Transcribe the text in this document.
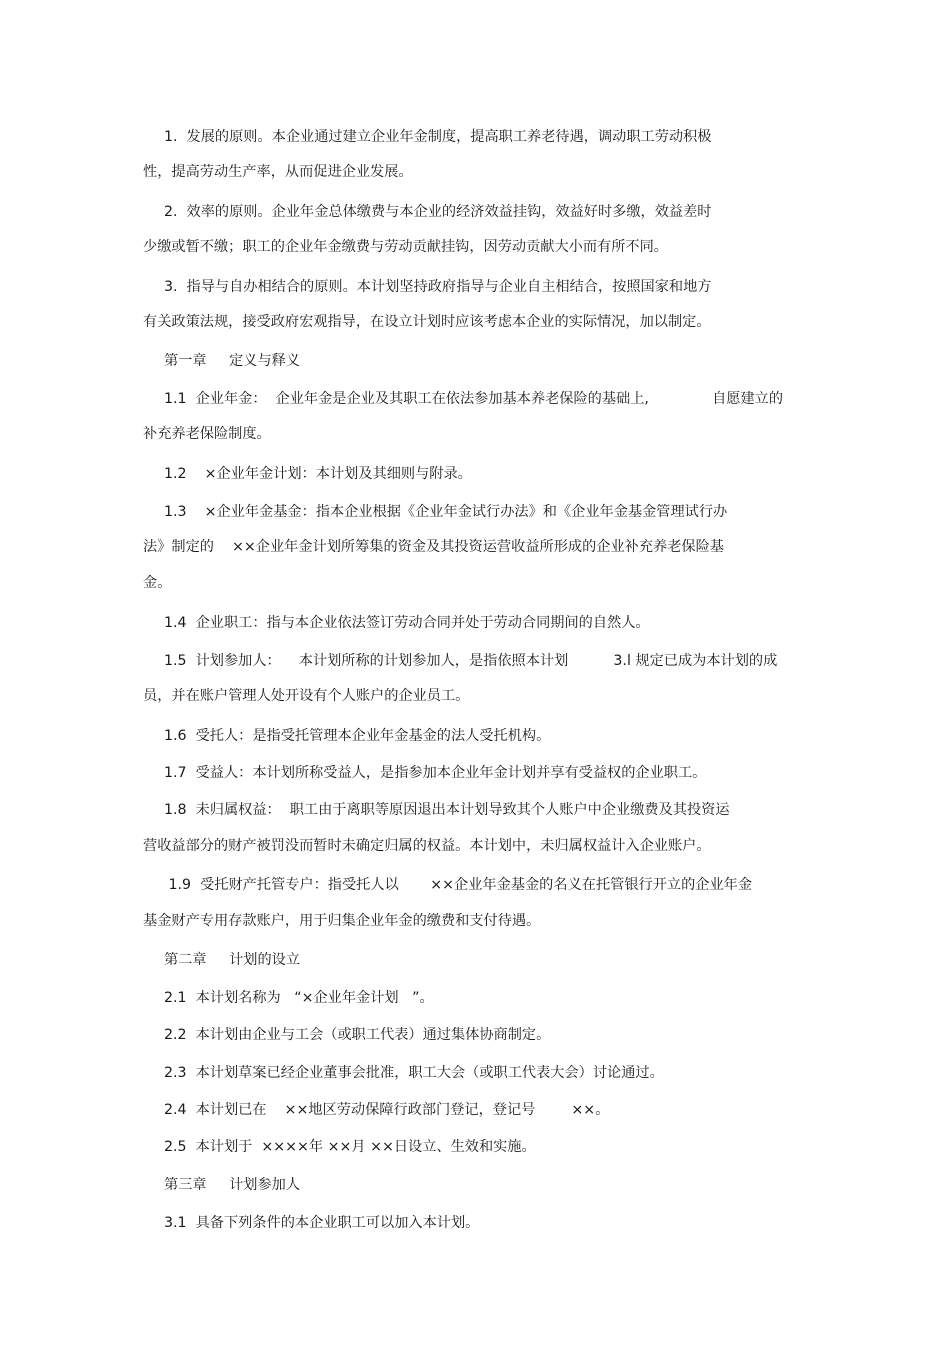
1.  发展的原则。本企业通过建立企业年金制度，提高职工养老待遇，调动职工劳动积极
性，提高劳动生产率，从而促进企业发展。
2.  效率的原则。企业年金总体缴费与本企业的经济效益挂钩，效益好时多缴，效益差时
少缴或暂不缴；职工的企业年金缴费与劳动贡献挂钩，因劳动贡献大小而有所不同。
3.  指导与自办相结合的原则。本计划坚持政府指导与企业自主相结合，按照国家和地方
有关政策法规，接受政府宏观指导，在设立计划时应该考虑本企业的实际情况，加以制定。
第一章     定义与释义
1.1  企业年金：  企业年金是企业及其职工在依法参加基本养老保险的基础上,              自愿建立的
补充养老保险制度。
1.2    ×企业年金计划：本计划及其细则与附录。
1.3    ×企业年金基金：指本企业根据《企业年金试行办法》和《企业年金基金管理试行办
法》制定的    ××企业年金计划所筹集的资金及其投资运营收益所形成的企业补充养老保险基
金。
1.4  企业职工：指与本企业依法签订劳动合同并处于劳动合同期间的自然人。
1.5  计划参加人：    本计划所称的计划参加人，是指依照本计划          3.l 规定已成为本计划的成
员，并在账户管理人处开设有个人账户的企业员工。
1.6  受托人：是指受托管理本企业年金基金的法人受托机构。
1.7  受益人：本计划所称受益人，是指参加本企业年金计划并享有受益权的企业职工。
1.8  未归属权益：  职工由于离职等原因退出本计划导致其个人账户中企业缴费及其投资运
营收益部分的财产被罚没而暂时未确定归属的权益。本计划中，未归属权益计入企业账户。
1.9  受托财产托管专户：指受托人以       ××企业年金基金的名义在托管银行开立的企业年金
基金财产专用存款账户，用于归集企业年金的缴费和支付待遇。
第二章     计划的设立
2.1  本计划名称为   “×企业年金计划   ”。
2.2  本计划由企业与工会（或职工代表）通过集体协商制定。
2.3  本计划草案已经企业董事会批准，职工大会（或职工代表大会）讨论通过。
2.4  本计划已在    ××地区劳动保障行政部门登记，登记号        ××。
2.5  本计划于  ××××年 ××月 ××日设立、生效和实施。
第三章     计划参加人
3.1  具备下列条件的本企业职工可以加入本计划。
